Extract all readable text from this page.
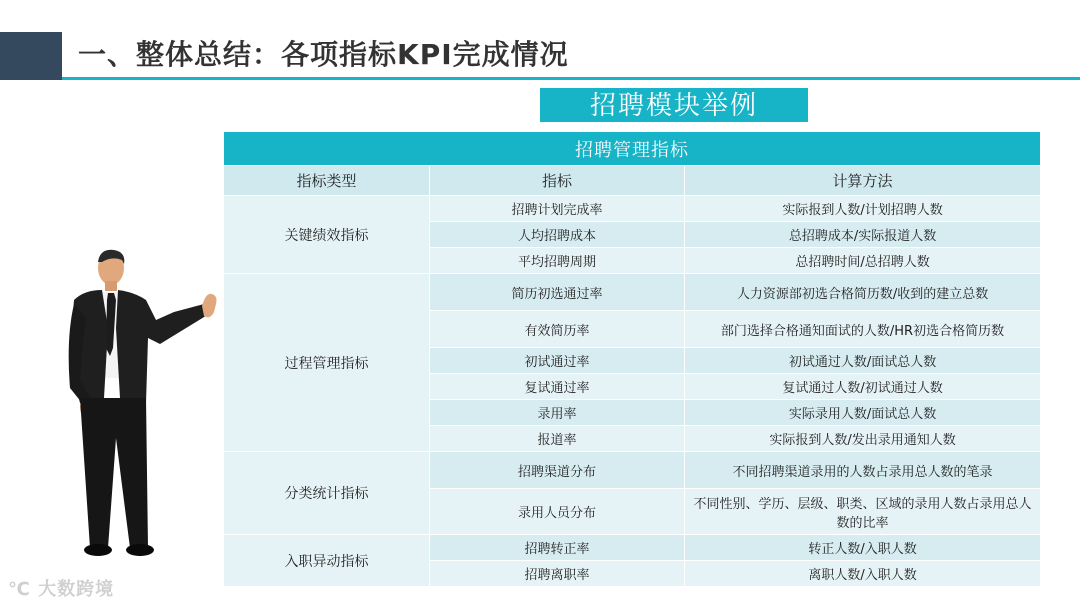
一、整体总结：各项指标KPI完成情况
招聘模块举例
招聘管理指标		
指标类型	指标	计算方法
关键绩效指标	招聘计划完成率	实际报到人数/计划招聘人数
	人均招聘成本	总招聘成本/实际报道人数
	平均招聘周期	总招聘时间/总招聘人数
过程管理指标	简历初选通过率	人力资源部初选合格简历数/收到的建立总数
	有效简历率	部门选择合格通知面试的人数/HR初选合格简历数
	初试通过率	初试通过人数/面试总人数
	复试通过率	复试通过人数/初试通过人数
	录用率	实际录用人数/面试总人数
	报道率	实际报到人数/发出录用通知人数
分类统计指标	招聘渠道分布	不同招聘渠道录用的人数占录用总人数的笔录
	录用人员分布	不同性别、学历、层级、职类、区域的录用人数占录用总人数的比率
入职异动指标	招聘转正率	转正人数/入职人数
	招聘离职率	离职人数/入职人数
℃ 大数跨境
